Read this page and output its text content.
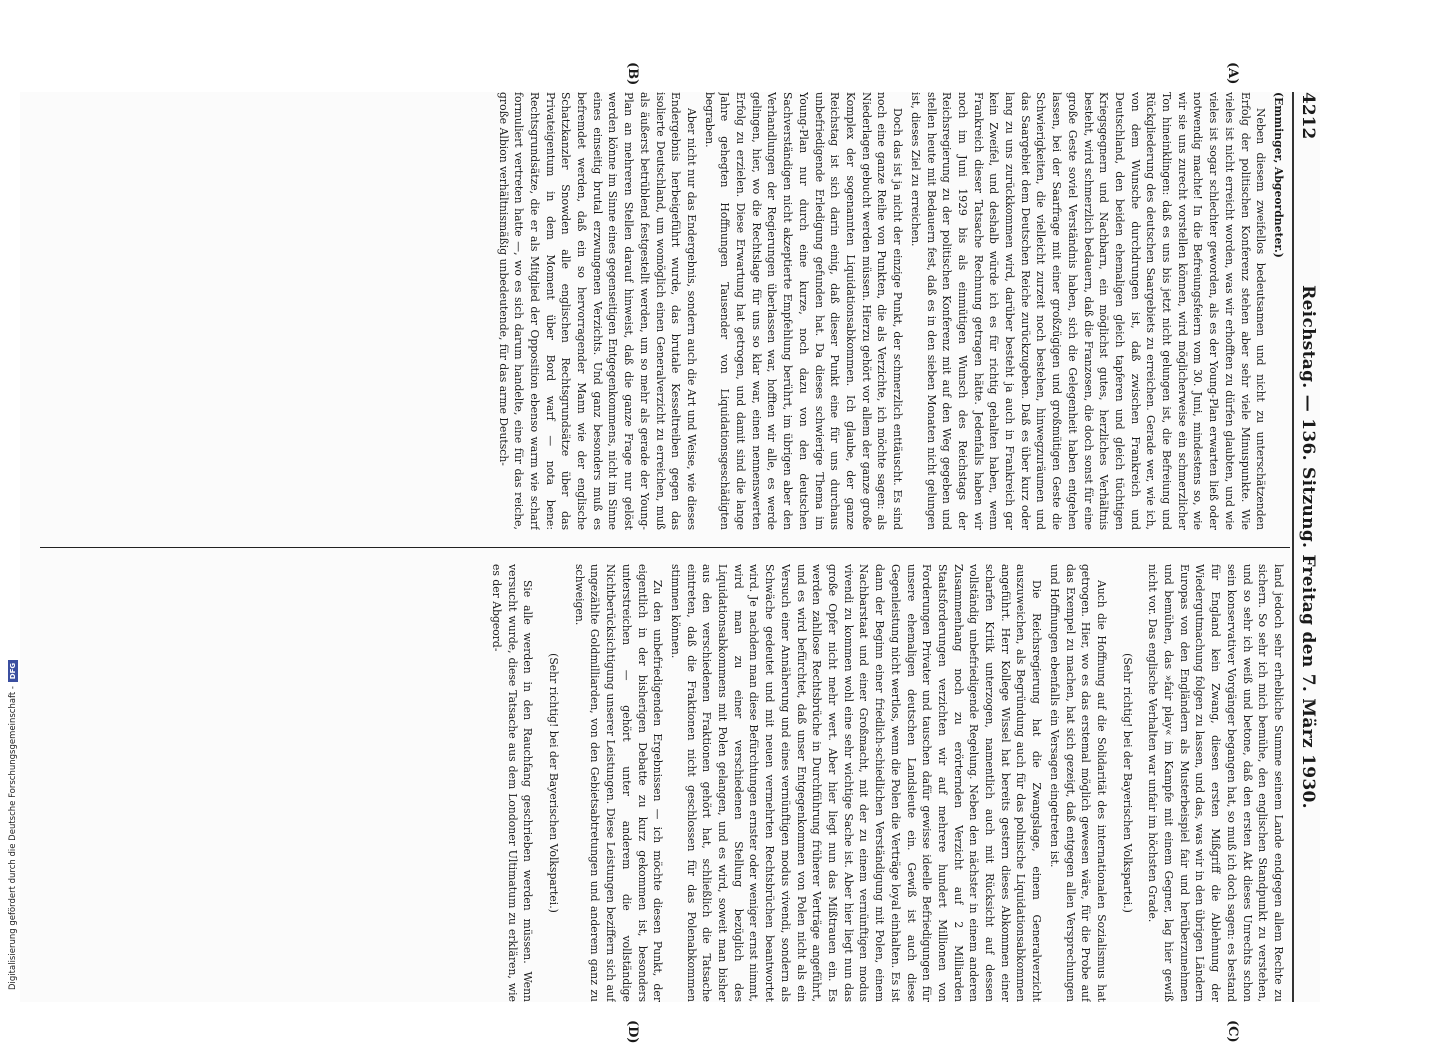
4212
Reichstag. — 136. Sitzung. Freitag den 7. März 1930.
(A)
(B)
(C)
(D)

(Emminger, Abgeordneter.)

Neben diesem zweifellos bedeutsamen und nicht zu unterschätzenden Erfolg der politischen Konferenz stehen aber sehr viele Minuspunkte. Wie vieles ist nicht erreicht worden, was wir erhofften zu dürfen glaubten, und wie vieles ist sogar schlechter geworden, als es der Young-Plan erwarten ließ oder notwendig machte! In die Befreiungsfeiern vom 30. Juni, mindestens so, wie wir sie uns zurecht vorstellen können, wird möglicherweise ein schmerzlicher Ton hineinklingen: daß es uns bis jetzt nicht gelungen ist, die Befreiung und Rückgliederung des deutschen Saargebiets zu erreichen. Gerade wer, wie ich, von dem Wunsche durchdrungen ist, daß zwischen Frankreich und Deutschland, den beiden ehemaligen gleich tapferen und gleich tüchtigen Kriegsgegnern und Nachbarn, ein möglichst gutes, herzliches Verhältnis besteht, wird schmerzlich bedauern, daß die Franzosen, die doch sonst für eine große Geste soviel Verständnis haben, sich die Gelegenheit haben entgehen lassen, bei der Saarfrage mit einer großzügigen und großmütigen Geste die Schwierigkeiten, die vielleicht zurzeit noch bestehen, hinwegzuräumen und das Saargebiet dem Deutschen Reiche zurückzugeben. Daß es über kurz oder lang zu uns zurückkommen wird, darüber besteht ja auch in Frankreich gar kein Zweifel, und deshalb würde ich es für richtig gehalten haben, wenn Frankreich dieser Tatsache Rechnung getragen hätte. Jedenfalls haben wir noch im Juni 1929 bis als einmütigen Wunsch des Reichstags der Reichsregierung zu der politischen Konferenz mit auf den Weg gegeben und stellen heute mit Bedauern fest, daß es in den sieben Monaten nicht gelungen ist, dieses Ziel zu erreichen.

Doch das ist ja nicht der einzige Punkt, der schmerzlich enttäuscht. Es sind noch eine ganze Reihe von Punkten, die als Verzichte, ich möchte sagen: als Niederlagen gebucht werden müssen. Hierzu gehört vor allem der ganze große Komplex der sogenannten Liquidationsabkommen. Ich glaube, der ganze Reichstag ist sich darin einig, daß dieser Punkt eine für uns durchaus unbefriedigende Erledigung gefunden hat. Da dieses schwierige Thema im Young-Plan nur durch eine kurze, noch dazu von den deutschen Sachverständigen nicht akzeptierte Empfehlung berührt, im übrigen aber den Verhandlungen der Regierungen überlassen war, hofften wir alle, es werde gelingen, hier, wo die Rechtslage für uns so klar war, einen nennenswerten Erfolg zu erzielen. Diese Erwartung hat getrogen, und damit sind die lange Jahre gehegten Hoffnungen Tausender von Liquidationsgeschädigten begraben.

Aber nicht nur das Endergebnis, sondern auch die Art und Weise, wie dieses Endergebnis herbeigeführt wurde, das brutale Kesseltreiben gegen das isolierte Deutschland, um womöglich einen Generalverzicht zu erreichen, muß als äußerst betrüblend festgestellt werden, um so mehr als gerade der Young-Plan an mehreren Stellen darauf hinweist, daß die ganze Frage nur gelöst werden könne im Sinne eines gegenseitigen Entgegenkommens, nicht im Sinne eines einseitig brutal erzwungenen Verzichts. Und ganz besonders muß es befremdet werden, daß ein so hervorragender Mann wie der englische Schatzkanzler Snowden alle englischen Rechtsgrundsätze über das Privateigentum in dem Moment über Bord warf — nota bene: Rechtsgrundsätze, die er als Mitglied der Opposition ebenso warm wie scharf formuliert vertreten hatte —, wo es sich darum handelte, eine für das reiche, große Albion verhältnismäßig unbedeutende, für das arme Deutsch-

land jedoch sehr erhebliche Summe seinem Lande endgegen allem Rechte zu sichern. So sehr ich mich bemühe, den englischen Standpunkt zu verstehen, und so sehr ich weiß und betone, daß den ersten Akt dieses Unrechts schon sein konservativer Vorgänger begangen hat, so muß ich doch sagen: es bestand für England kein Zwang, diesen ersten Mißgriff die Ablehnung der Wiedergutmachung folgen zu lassen, und das, was wir in den übrigen Ländern Europas von den Engländern als Musterbeispiel fair und herüberzunehmen und bemühen, das »fair play« im Kampfe mit einem Gegner, lag hier gewiß nicht vor. Das englische Verhalten war unfair im höchsten Grade.

(Sehr richtig! bei der Bayerischen Volkspartei.)

Auch die Hoffnung auf die Solidarität des internationalen Sozialismus hat getrogen. Hier, wo es das erstemal möglich gewesen wäre, für die Probe auf das Exempel zu machen, hat sich gezeigt, daß entgegen allen Versprechungen und Hoffnungen ebenfalls ein Versagen eingetreten ist.

Die Reichsregierung hat die Zwangslage, einem Generalverzicht auszuweichen, als Begründung auch für das polnische Liquidationsabkommen angeführt. Herr Kollege Wissel hat bereits gestern dieses Abkommen einer scharfen Kritik unterzogen, namentlich auch mit Rücksicht auf dessen vollständig unbefriedigende Regelung. Neben den nächster in einem anderen Zusammenhang noch zu erörternden Verzicht auf 2 Milliarden Staatsforderungen verzichten wir auf mehrere hundert Millionen von Forderungen Privater und tauschen dafür gewisse ideelle Befriedigungen für unsere ehemaligen deutschen Landsleute ein. Gewiß ist auch diese Gegenleistung nicht wertlos, wenn die Polen die Verträge loyal einhalten. Es ist dann der Beginn einer friedlich-schiedlichen Verständigung mit Polen, einem Nachbarstaat und einer Großmacht, mit der zu einem vernünftigen modus vivendi zu kommen wohl eine sehr wichtige Sache ist. Aber hier liegt nun das große Opfer nicht mehr wert. Aber hier liegt nun das Mißtrauen ein. Es werden zahllose Rechtsbrüche in Durchführung früherer Verträge angeführt, und es wird befürchtet, daß unser Entgegenkommen von Polen nicht als ein Versuch einer Annäherung und eines vernünftigen modus vivendi, sondern als Schwäche gedeutet und mit neuen vermehrten Rechtsbrüchen beantwortet wird. Je nachdem man diese Befürchtungen ernster oder weniger ernst nimmt, wird man zu einer verschiedenen Stellung bezüglich des Liquidationsabkommens mit Polen gelangen, und es wird, soweit man bisher aus den verschiedenen Fraktionen gehört hat, schließlich die Tatsache eintreten, daß die Fraktionen nicht geschlossen für das Polenabkommen stimmen können.

Zu den unbefriedigenden Ergebnissen — ich möchte diesen Punkt, der eigentlich in der bisherigen Debatte zu kurz gekommen ist, besonders unterstreichen — gehört unter anderem die vollständige Nichtberücksichtigung unserer Leistungen. Diese Leistungen beziffern sich auf ungezählte Goldmilliarden, von den Gebietsabtretungen und anderem ganz zu schweigen.

(Sehr richtig! bei der Bayerischen Volkspartei.)

Sie alle werden in den Rauchfang geschrieben werden müssen. Wenn versucht wurde, diese Tatsache aus dem Londoner Ultimatum zu erklären, wie es der Abgeord-

Digitalisierung gefördert durch die Deutsche Forschungsgemeinschaft -
DFG
